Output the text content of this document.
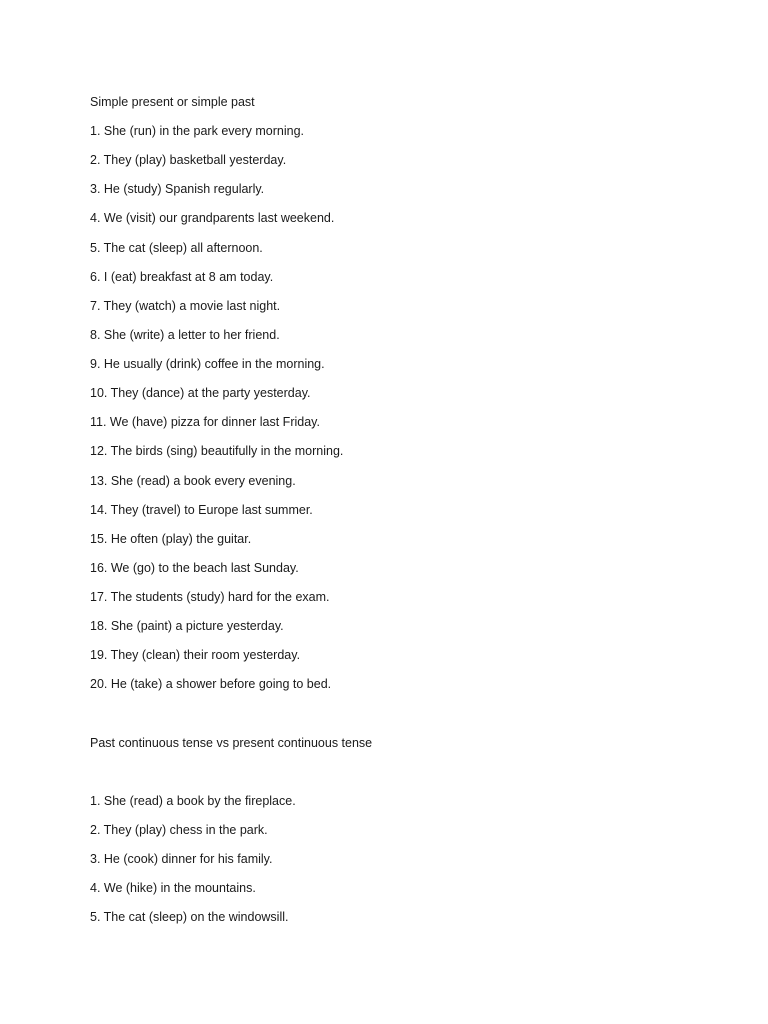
Simple present or simple past
1. She (run) in the park every morning.
2. They (play) basketball yesterday.
3. He (study) Spanish regularly.
4. We (visit) our grandparents last weekend.
5. The cat (sleep) all afternoon.
6. I (eat) breakfast at 8 am today.
7. They (watch) a movie last night.
8. She (write) a letter to her friend.
9. He usually (drink) coffee in the morning.
10. They (dance) at the party yesterday.
11. We (have) pizza for dinner last Friday.
12. The birds (sing) beautifully in the morning.
13. She (read) a book every evening.
14. They (travel) to Europe last summer.
15. He often (play) the guitar.
16. We (go) to the beach last Sunday.
17. The students (study) hard for the exam.
18. She (paint) a picture yesterday.
19. They (clean) their room yesterday.
20. He (take) a shower before going to bed.
Past continuous tense vs present continuous tense
1. She (read) a book by the fireplace.
2. They (play) chess in the park.
3. He (cook) dinner for his family.
4. We (hike) in the mountains.
5. The cat (sleep) on the windowsill.
